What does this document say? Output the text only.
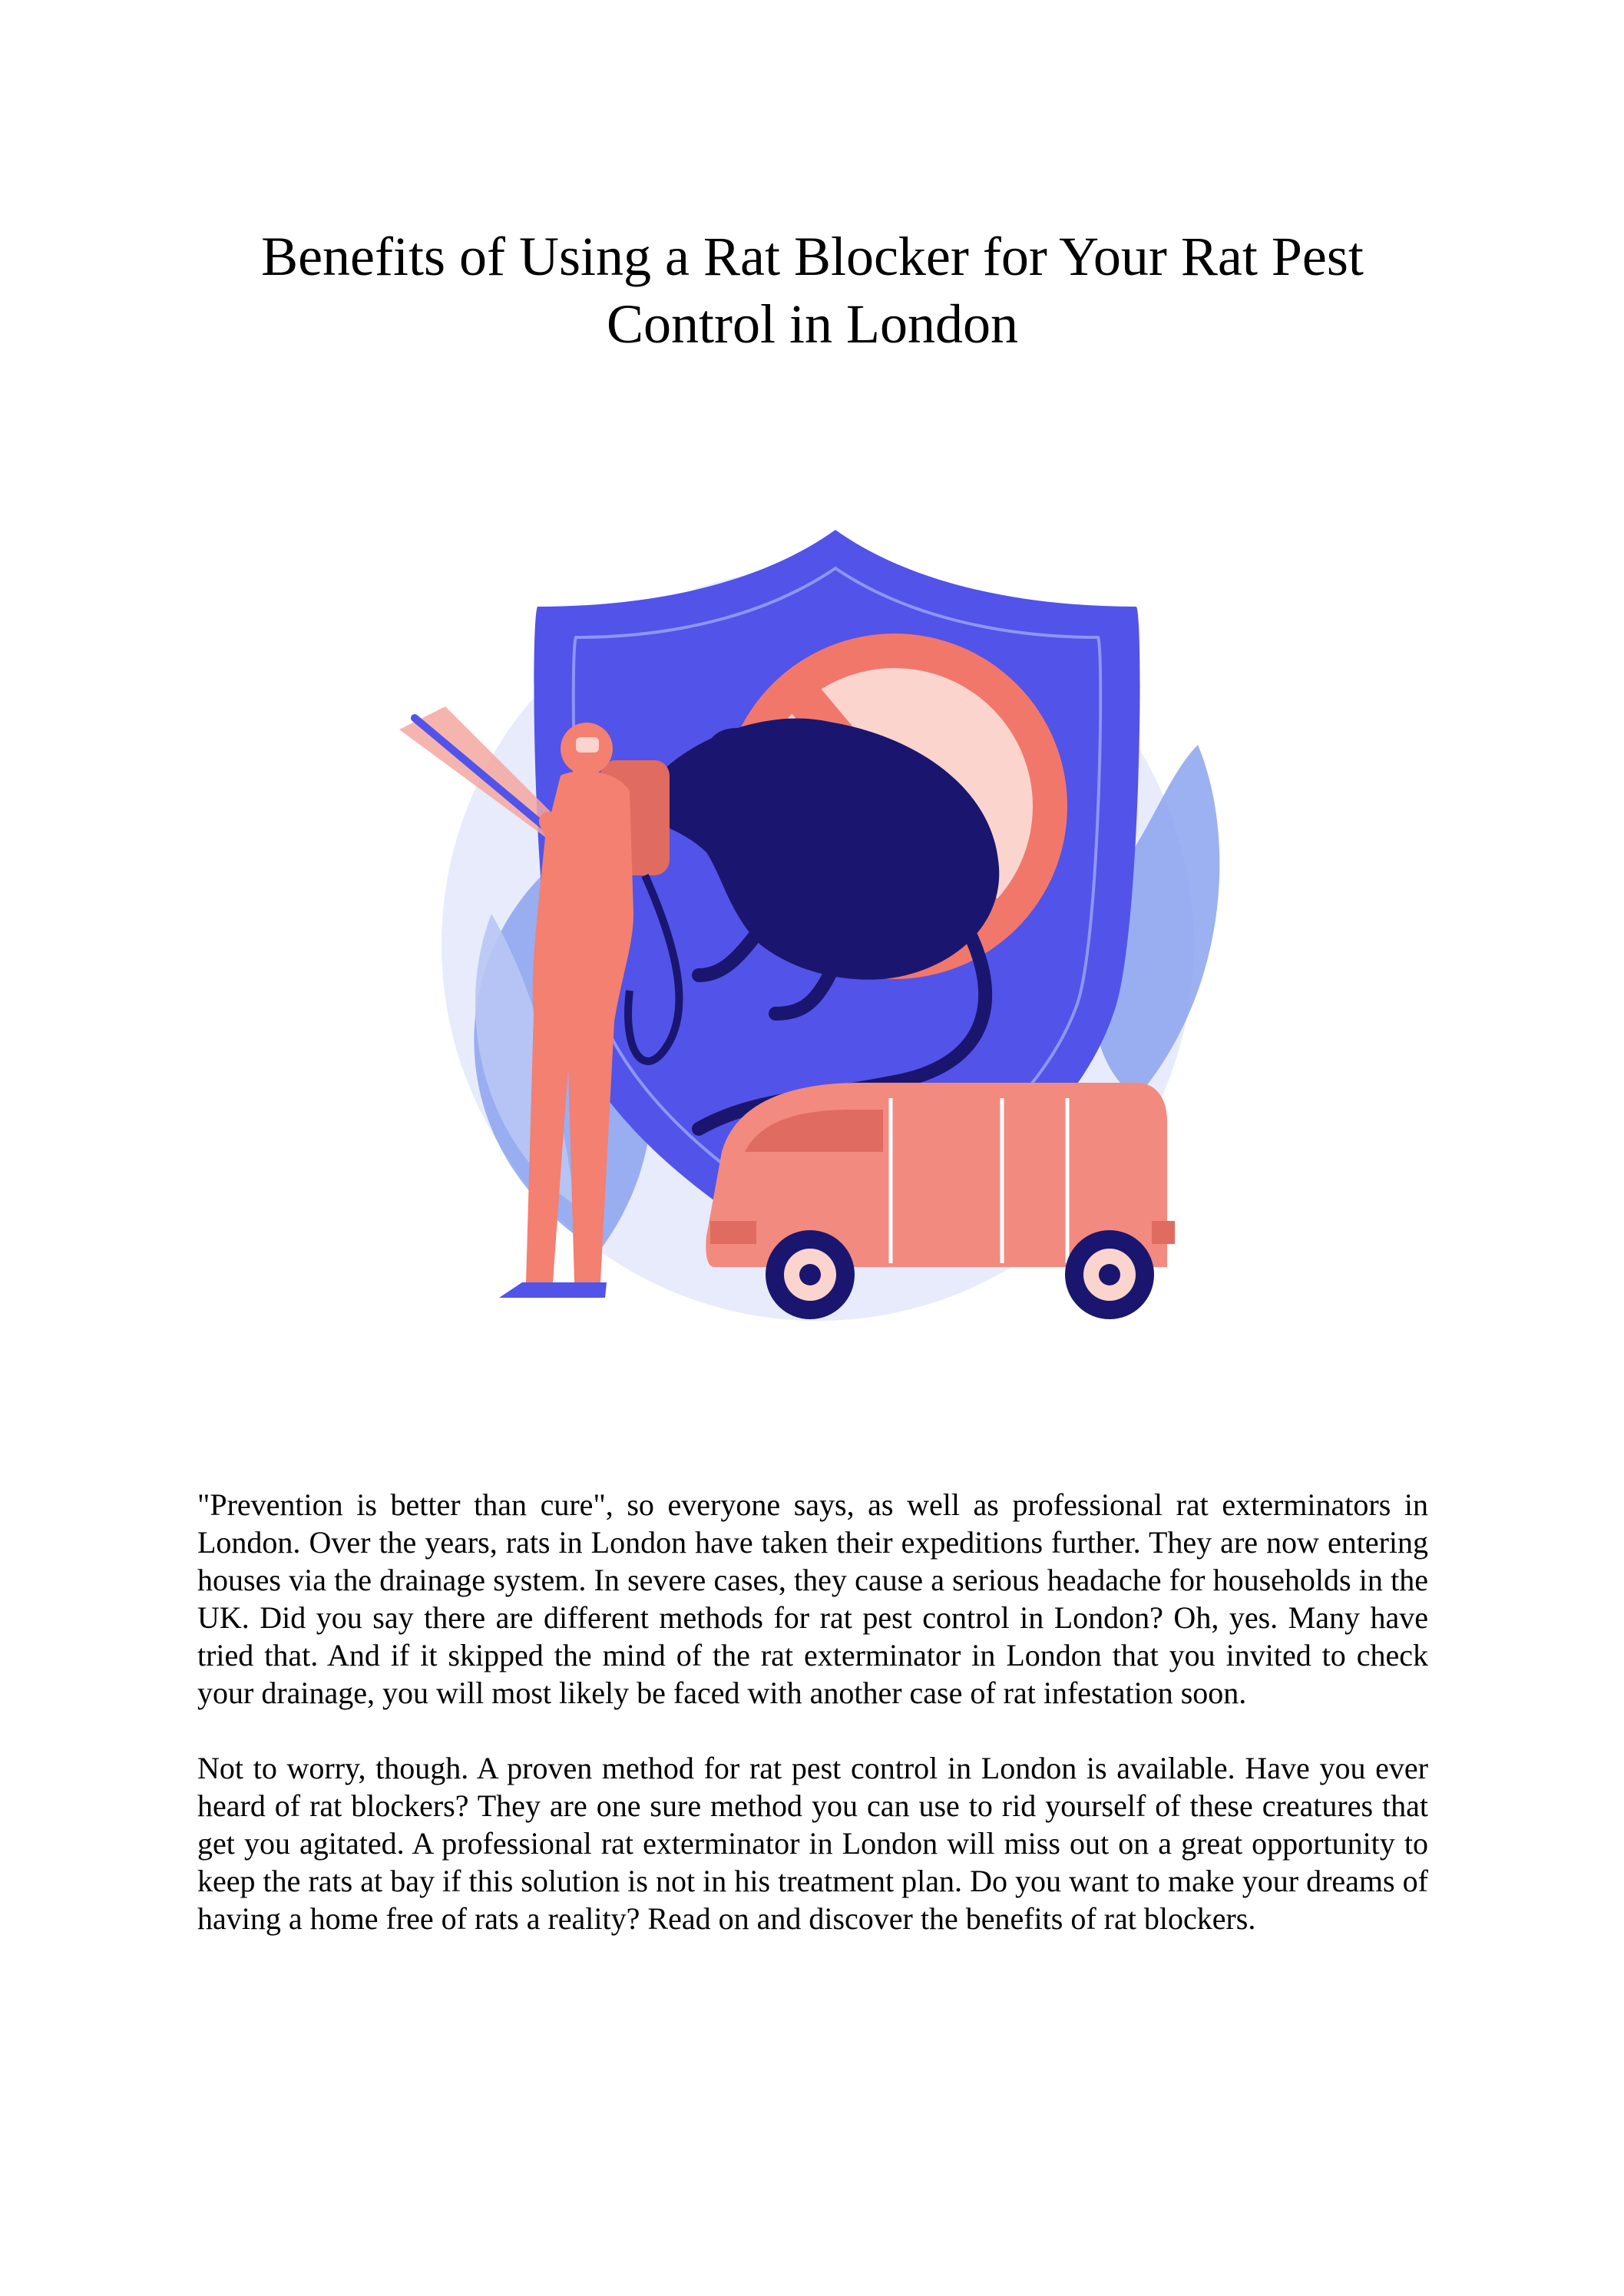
Benefits of Using a Rat Blocker for Your Rat Pest Control in London

"Prevention is better than cure", so everyone says, as well as professional rat exterminators in London. Over the years, rats in London have taken their expeditions further. They are now entering houses via the drainage system. In severe cases, they cause a serious headache for households in the UK. Did you say there are different methods for rat pest control in London? Oh, yes. Many have tried that. And if it skipped the mind of the rat exterminator in London that you invited to check your drainage, you will most likely be faced with another case of rat infestation soon.

Not to worry, though. A proven method for rat pest control in London is available. Have you ever heard of rat blockers? They are one sure method you can use to rid yourself of these creatures that get you agitated. A professional rat exterminator in London will miss out on a great opportunity to keep the rats at bay if this solution is not in his treatment plan. Do you want to make your dreams of having a home free of rats a reality? Read on and discover the benefits of rat blockers.
